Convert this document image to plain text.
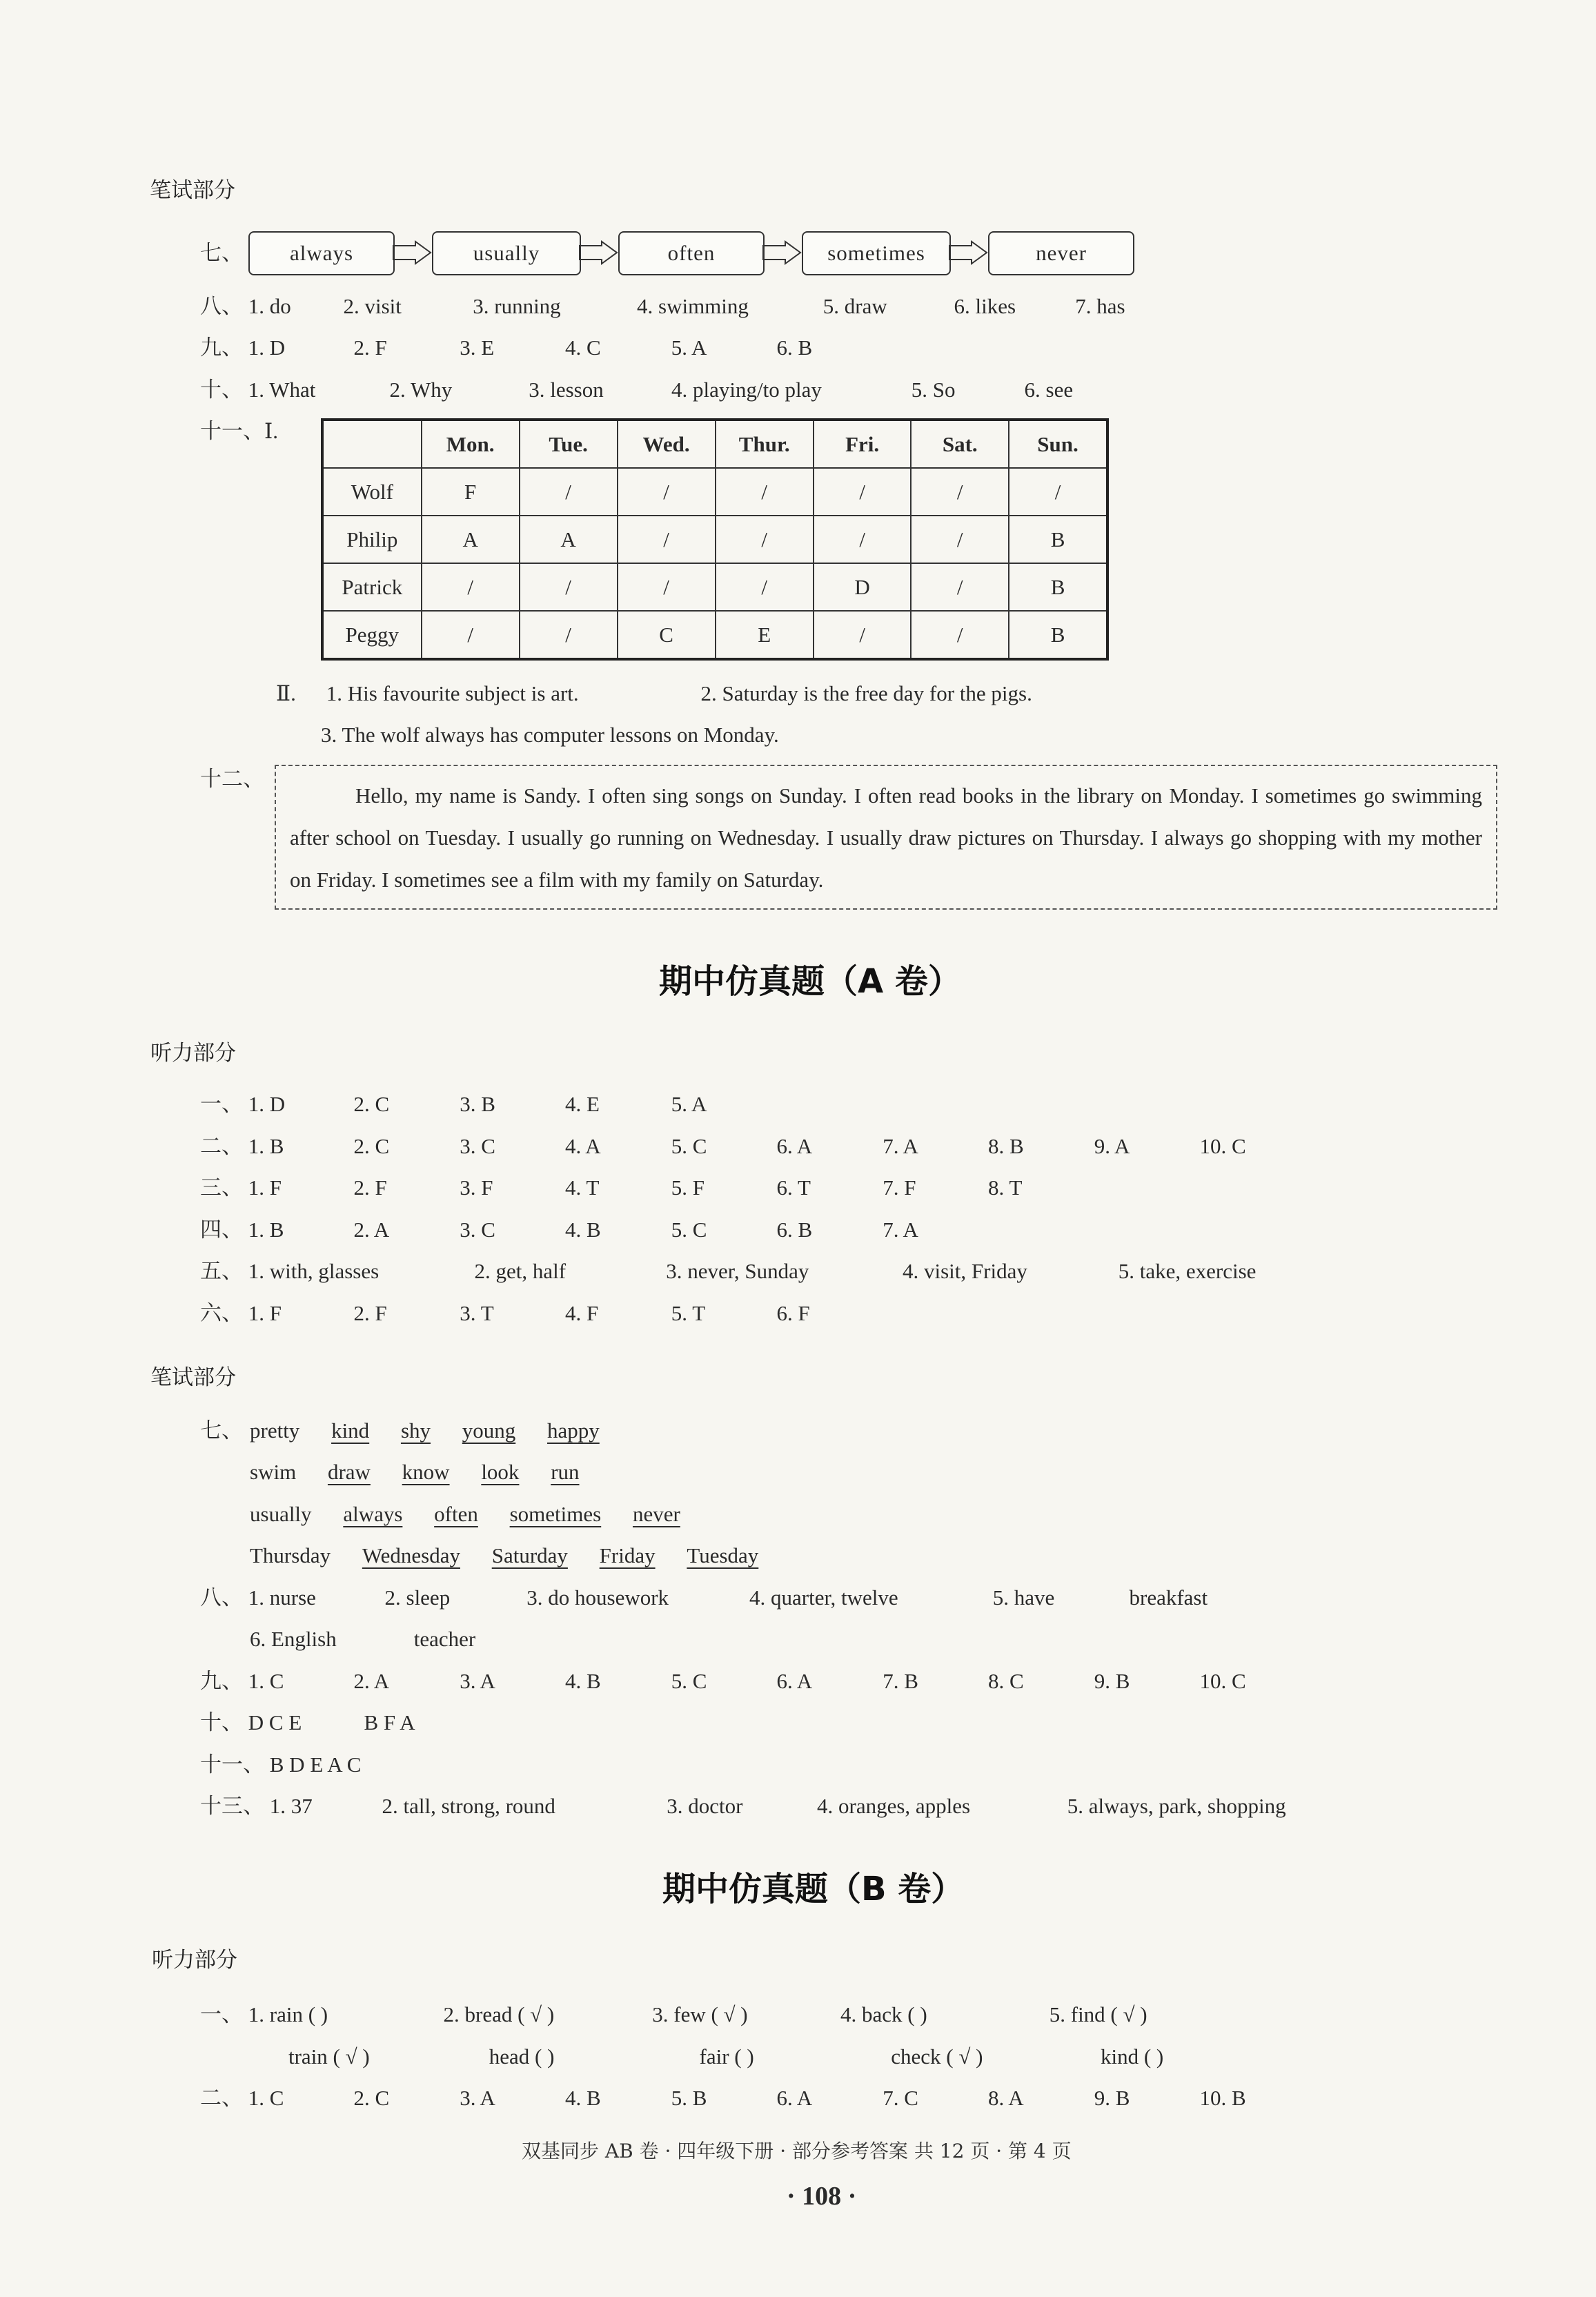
笔试部分
七、	always	usually	often	sometimes	never
八、 1. do 2. visit	3. running	4. swimming	5. draw	6. likes	7. has
九、 1. D	2. F	3. E	4. C	5. A	6. B
十、 1. What	2. Why	3. lesson	4. playing/to play	5. So	6. see
十一、Ⅰ.
	Mon.	Tue.	Wed.	Thur.	Fri.	Sat.	Sun.
Wolf	F	/	/	/	/	/	/
Philip	A	A	/	/	/	/	B
Patrick	/	/	/	/	D	/	B
Peggy	/	/	C	E	/	/	B
Ⅱ. 1. His favourite subject is art.	2. Saturday is the free day for the pigs.
3. The wolf always has computer lessons on Monday.
十二、
Hello, my name is Sandy. I often sing songs on Sunday. I often read books in the library on Monday. I sometimes go swimming after school on Tuesday. I usually go running on Wednesday. I usually draw pictures on Thursday. I always go shopping with my mother on Friday. I sometimes see a film with my family on Saturday.
期中仿真题（A 卷）
听力部分
一、 1. D	2. C	3. B	4. E	5. A
二、 1. B	2. C	3. C	4. A	5. C	6. A	7. A	8. B	9. A	10. C
三、 1. F	2. F	3. F	4. T	5. F	6. T	7. F	8. T
四、 1. B	2. A	3. C	4. B	5. C	6. B	7. A
五、 1. with, glasses	2. get, half	3. never, Sunday	4. visit, Friday	5. take, exercise
六、 1. F	2. F	3. T	4. F	5. T	6. F
笔试部分
七、 pretty kind shy young happy
swim draw know look run
usually always often sometimes never
Thursday Wednesday Saturday Friday Tuesday
八、 1. nurse	2. sleep	3. do housework	4. quarter, twelve	5. have	breakfast
6. English	teacher
九、 1. C	2. A	3. A	4. B	5. C	6. A	7. B	8. C	9. B	10. C
十、 D C E	B F A
十一、 B D E A C
十三、 1. 37	2. tall, strong, round	3. doctor	4. oranges, apples	5. always, park, shopping
期中仿真题（B 卷）
听力部分
一、 1. rain ( )	2. bread ( √ )	3. few ( √ )	4. back ( )	5. find ( √ )
train ( √ )	head ( )	fair ( )	check ( √ )	kind ( )
二、 1. C	2. C	3. A	4. B	5. B	6. A	7. C	8. A	9. B	10. B
双基同步 AB 卷 · 四年级下册 · 部分参考答案 共 12 页 · 第 4 页
· 108 ·
